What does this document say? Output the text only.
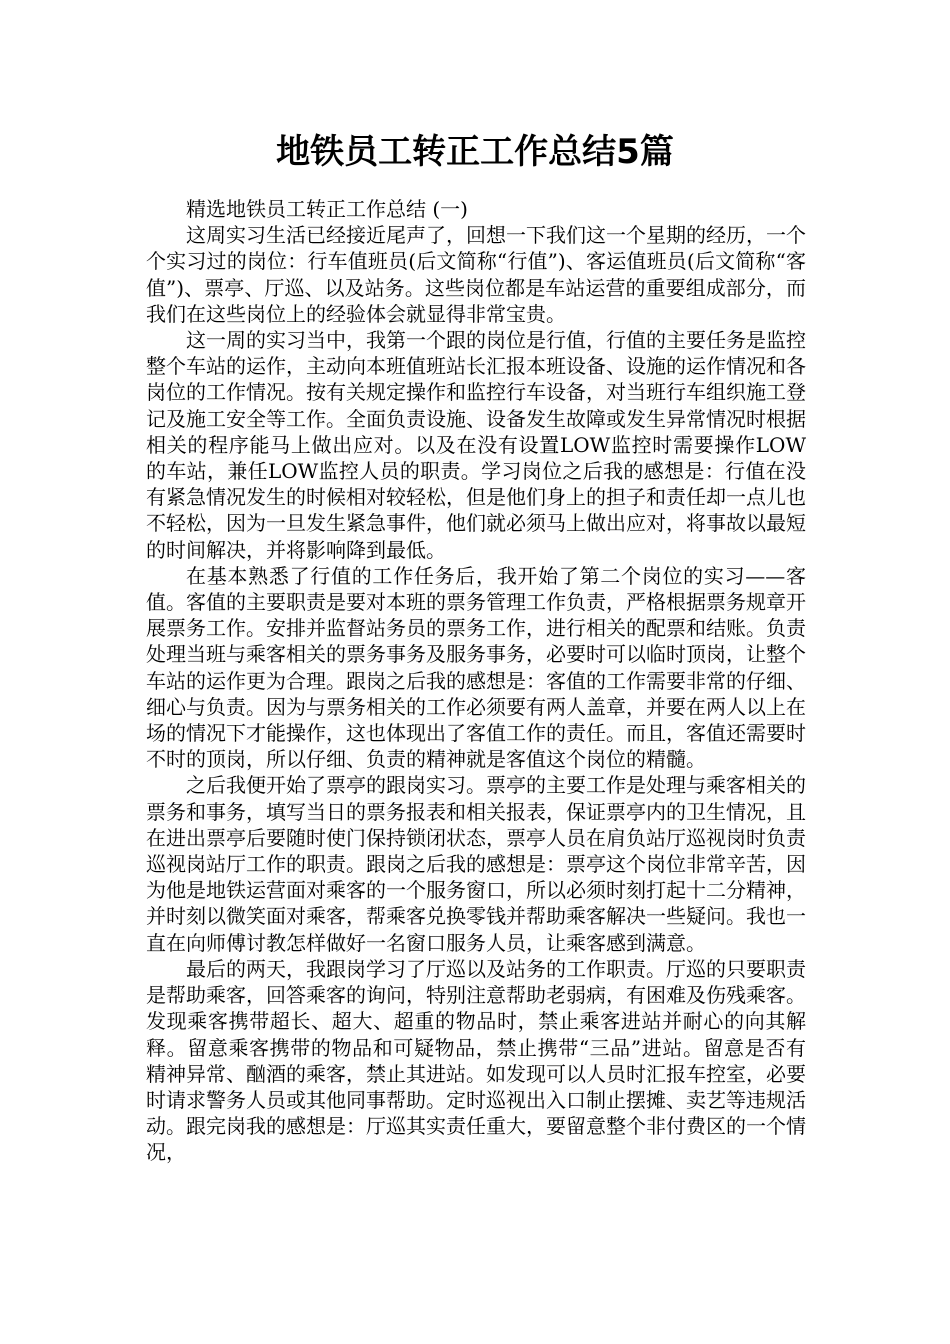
地铁员工转正工作总结5篇

精选地铁员工转正工作总结 (一)

这周实习生活已经接近尾声了，回想一下我们这一个星期的经历，一个个实习过的岗位：行车值班员(后文简称“行值”)、客运值班员(后文简称“客值”)、票亭、厅巡、以及站务。这些岗位都是车站运营的重要组成部分，而我们在这些岗位上的经验体会就显得非常宝贵。

这一周的实习当中，我第一个跟的岗位是行值，行值的主要任务是监控整个车站的运作，主动向本班值班站长汇报本班设备、设施的运作情况和各岗位的工作情况。按有关规定操作和监控行车设备，对当班行车组织施工登记及施工安全等工作。全面负责设施、设备发生故障或发生异常情况时根据相关的程序能马上做出应对。以及在没有设置LOW监控时需要操作LOW的车站，兼任LOW监控人员的职责。学习岗位之后我的感想是：行值在没有紧急情况发生的时候相对较轻松，但是他们身上的担子和责任却一点儿也不轻松，因为一旦发生紧急事件，他们就必须马上做出应对，将事故以最短的时间解决，并将影响降到最低。

在基本熟悉了行值的工作任务后，我开始了第二个岗位的实习——客值。客值的主要职责是要对本班的票务管理工作负责，严格根据票务规章开展票务工作。安排并监督站务员的票务工作，进行相关的配票和结账。负责处理当班与乘客相关的票务事务及服务事务，必要时可以临时顶岗，让整个车站的运作更为合理。跟岗之后我的感想是：客值的工作需要非常的仔细、细心与负责。因为与票务相关的工作必须要有两人盖章，并要在两人以上在场的情况下才能操作，这也体现出了客值工作的责任。而且，客值还需要时不时的顶岗，所以仔细、负责的精神就是客值这个岗位的精髓。

之后我便开始了票亭的跟岗实习。票亭的主要工作是处理与乘客相关的票务和事务，填写当日的票务报表和相关报表，保证票亭内的卫生情况，且在进出票亭后要随时使门保持锁闭状态，票亭人员在肩负站厅巡视岗时负责巡视岗站厅工作的职责。跟岗之后我的感想是：票亭这个岗位非常辛苦，因为他是地铁运营面对乘客的一个服务窗口，所以必须时刻打起十二分精神，并时刻以微笑面对乘客，帮乘客兑换零钱并帮助乘客解决一些疑问。我也一直在向师傅讨教怎样做好一名窗口服务人员，让乘客感到满意。

最后的两天，我跟岗学习了厅巡以及站务的工作职责。厅巡的只要职责是帮助乘客，回答乘客的询问，特别注意帮助老弱病，有困难及伤残乘客。发现乘客携带超长、超大、超重的物品时，禁止乘客进站并耐心的向其解释。留意乘客携带的物品和可疑物品，禁止携带“三品”进站。留意是否有精神异常、酗酒的乘客，禁止其进站。如发现可以人员时汇报车控室，必要时请求警务人员或其他同事帮助。定时巡视出入口制止摆摊、卖艺等违规活动。跟完岗我的感想是：厅巡其实责任重大，要留意整个非付费区的一个情况，
